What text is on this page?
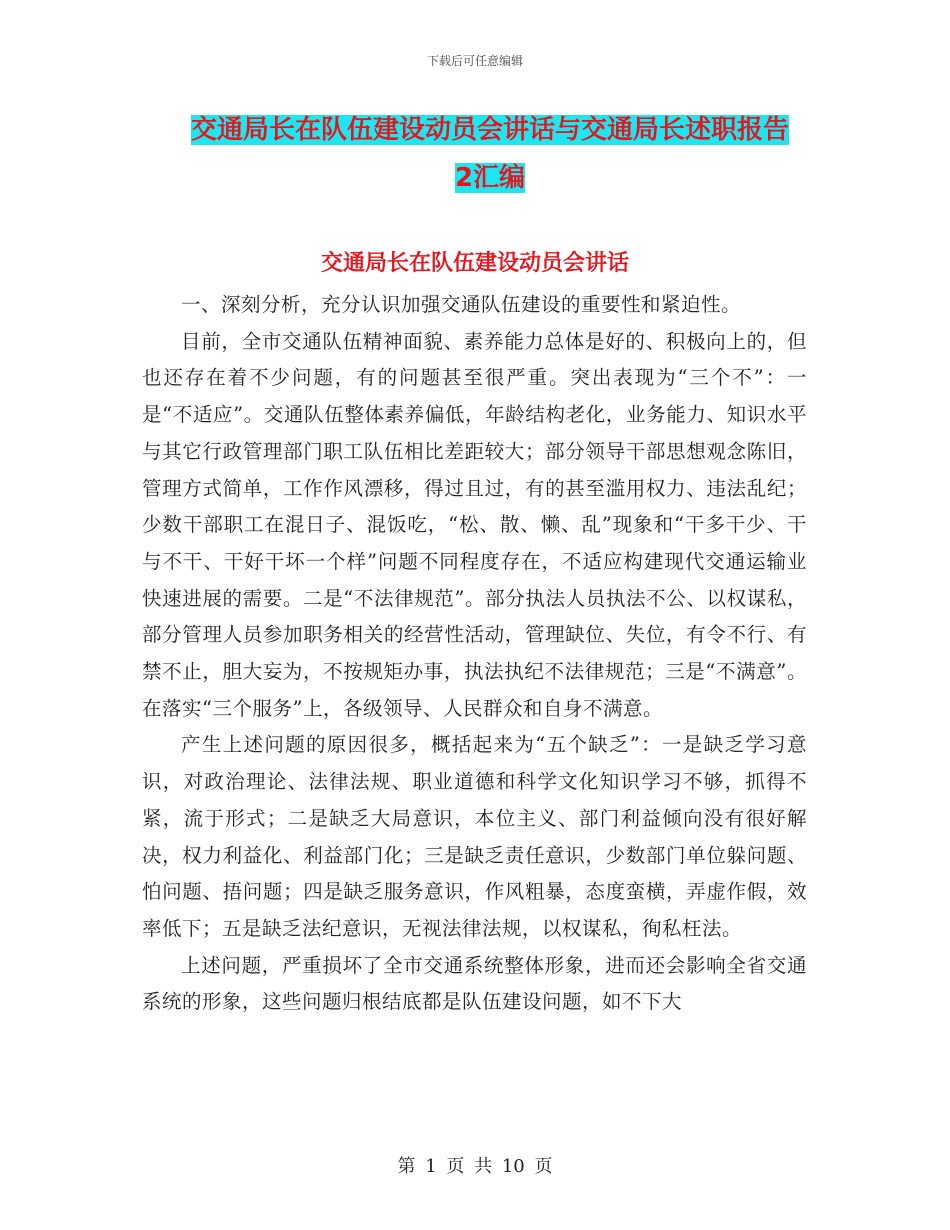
下载后可任意编辑
交通局长在队伍建设动员会讲话与交通局长述职报告
2汇编
交通局长在队伍建设动员会讲话

一、深刻分析，充分认识加强交通队伍建设的重要性和紧迫性。

目前，全市交通队伍精神面貌、素养能力总体是好的、积极向上的，但也还存在着不少问题，有的问题甚至很严重。突出表现为“三个不”：一是“不适应”。交通队伍整体素养偏低，年龄结构老化，业务能力、知识水平与其它行政管理部门职工队伍相比差距较大；部分领导干部思想观念陈旧，管理方式简单，工作作风漂移，得过且过，有的甚至滥用权力、违法乱纪；少数干部职工在混日子、混饭吃，“松、散、懒、乱”现象和“干多干少、干与不干、干好干坏一个样”问题不同程度存在，不适应构建现代交通运输业快速进展的需要。二是“不法律规范”。部分执法人员执法不公、以权谋私，部分管理人员参加职务相关的经营性活动，管理缺位、失位，有令不行、有禁不止，胆大妄为，不按规矩办事，执法执纪不法律规范；三是“不满意”。在落实“三个服务”上，各级领导、人民群众和自身不满意。

产生上述问题的原因很多，概括起来为“五个缺乏”：一是缺乏学习意识，对政治理论、法律法规、职业道德和科学文化知识学习不够，抓得不紧，流于形式；二是缺乏大局意识，本位主义、部门利益倾向没有很好解决，权力利益化、利益部门化；三是缺乏责任意识，少数部门单位躲问题、怕问题、捂问题；四是缺乏服务意识，作风粗暴，态度蛮横，弄虚作假，效率低下；五是缺乏法纪意识，无视法律法规，以权谋私，徇私枉法。

上述问题，严重损坏了全市交通系统整体形象，进而还会影响全省交通系统的形象，这些问题归根结底都是队伍建设问题，如不下大

第 1 页 共 10 页
